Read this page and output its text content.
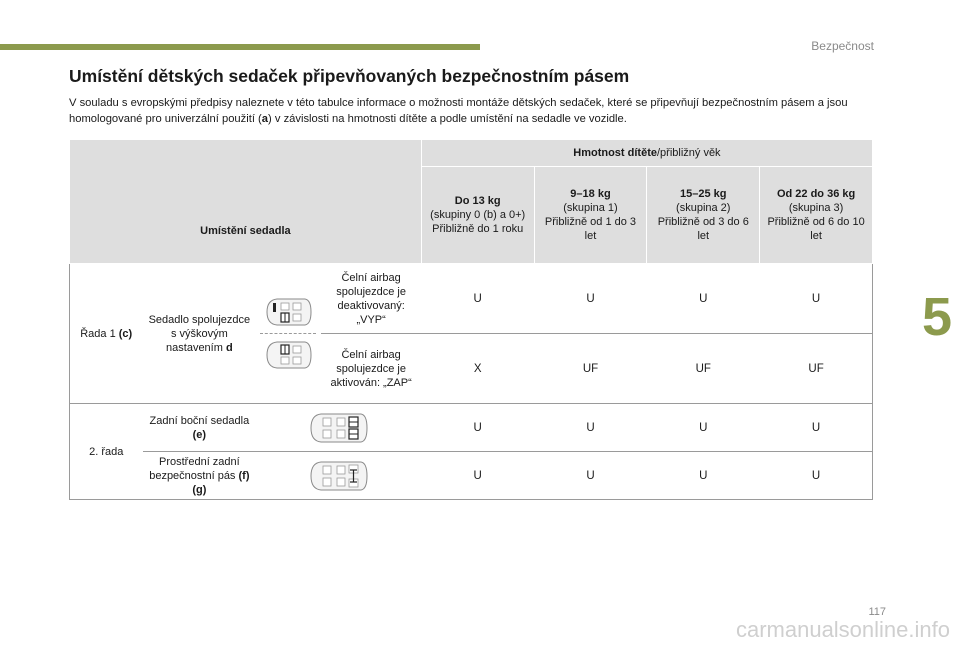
Bezpečnost
5
Umístění dětských sedaček připevňovaných bezpečnostním pásem
V souladu s evropskými předpisy naleznete v této tabulce informace o možnosti montáže dětských sedaček, které se připevňují bezpečnostním pásem a jsou homologované pro univerzální použití (a) v závislosti na hmotnosti dítěte a podle umístění na sedadle ve vozidle.
Umístění sedadla				Hmotnost dítěte/přibližný věk			
				Do 13 kg
(skupiny 0 (b) a 0+)
Přibližně do 1 roku	9–18 kg
(skupina 1)
Přibližně od 1 do 3 let	15–25 kg
(skupina 2)
Přibližně od 3 do 6 let	Od 22 do 36 kg
(skupina 3)
Přibližně od 6 do 10 let
Řada 1 (c)	Sedadlo spolujezdce s výškovým nastavením d		Čelní airbag spolujezdce je deaktivovaný: „VYP“	U	U	U	U
			Čelní airbag spolujezdce je aktivován: „ZAP“	X	UF	UF	UF
2. řada	Zadní boční sedadla (e)			U	U	U	U
	Prostřední zadní bezpečnostní pás (f) (g)			U	U	U	U
117
carmanualsonline.info
